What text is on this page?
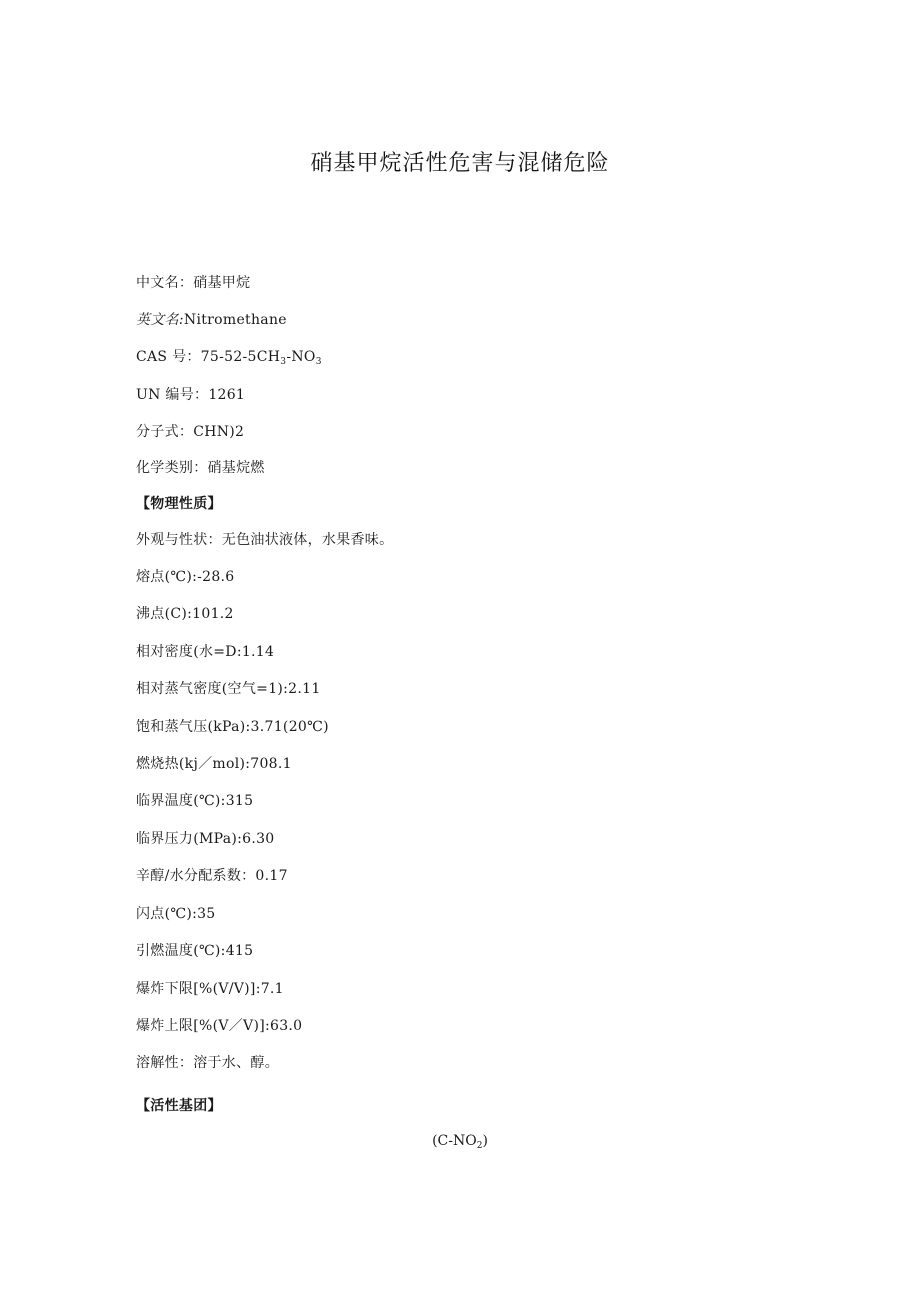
硝基甲烷活性危害与混储危险
中文名：硝基甲烷
英文名:Nitromethane
CAS 号：$75-52-5CH_3-NO_3$
UN 编号：1261
分子式：CHN)2
化学类别：硝基烷燃
【物理性质】
外观与性状：无色油状液体，水果香味。
熔点(℃):-28.6
沸点(C):101.2
相对密度(水=D:1.14
相对蒸气密度(空气=1):2.11
饱和蒸气压(kPa):3.71(20℃)
燃烧热(kj／mol):708.1
临界温度(℃):315
临界压力(MPa):6.30
辛醇/水分配系数：0.17
闪点(℃):35
引燃温度(℃):415
爆炸下限[%(V/V)]:7.1
爆炸上限[%(V／V)]:63.0
溶解性：溶于水、醇。
【活性基团】
$(C-NO_2)$
